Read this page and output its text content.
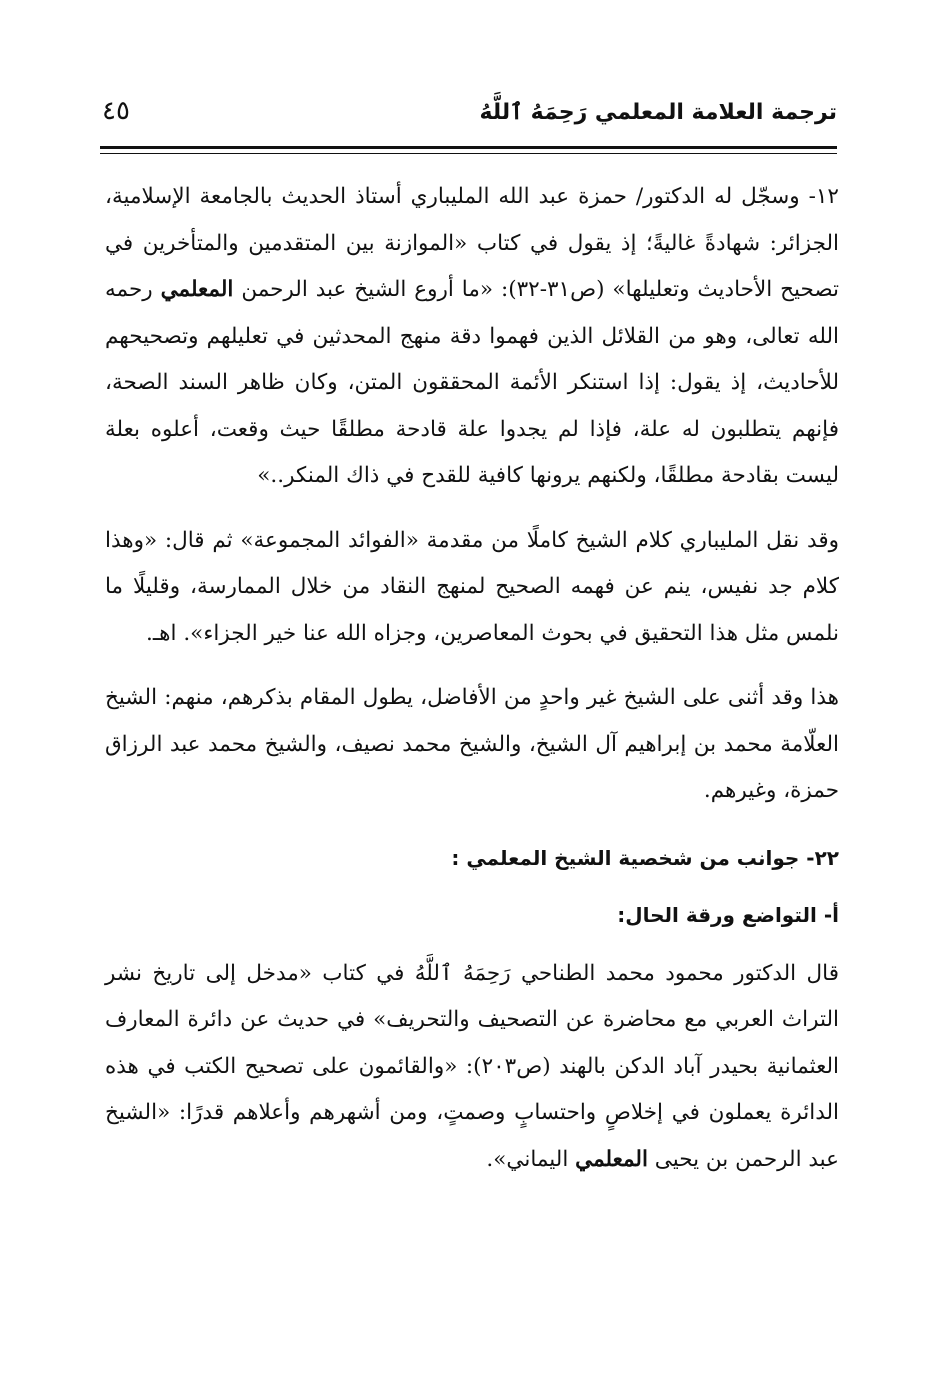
ترجمة العلامة المعلمي رَحِمَهُ ٱللَّهُ
٤٥

١٢- وسجّل له الدكتور/ حمزة عبد الله المليباري أستاذ الحديث بالجامعة الإسلامية، الجزائر: شهادةً غاليةً؛ إذ يقول في كتاب «الموازنة بين المتقدمين والمتأخرين في تصحيح الأحاديث وتعليلها» (ص٣١-٣٢): «ما أروع الشيخ عبد الرحمن المعلمي رحمه الله تعالى، وهو من القلائل الذين فهموا دقة منهج المحدثين في تعليلهم وتصحيحهم للأحاديث، إذ يقول: إذا استنكر الأئمة المحققون المتن، وكان ظاهر السند الصحة، فإنهم يتطلبون له علة، فإذا لم يجدوا علة قادحة مطلقًا حيث وقعت، أعلوه بعلة ليست بقادحة مطلقًا، ولكنهم يرونها كافية للقدح في ذاك المنكر..»

وقد نقل المليباري كلام الشيخ كاملًا من مقدمة «الفوائد المجموعة» ثم قال: «وهذا كلام جد نفيس، ينم عن فهمه الصحيح لمنهج النقاد من خلال الممارسة، وقليلًا ما نلمس مثل هذا التحقيق في بحوث المعاصرين، وجزاه الله عنا خير الجزاء». اهـ.

هذا وقد أثنى على الشيخ غير واحدٍ من الأفاضل، يطول المقام بذكرهم، منهم: الشيخ العلّامة محمد بن إبراهيم آل الشيخ، والشيخ محمد نصيف، والشيخ محمد عبد الرزاق حمزة، وغيرهم.

٢٢- جوانب من شخصية الشيخ المعلمي :
أ- التواضع ورقة الحال:

قال الدكتور محمود محمد الطناحي رَحِمَهُ ٱللَّهُ في كتاب «مدخل إلى تاريخ نشر التراث العربي مع محاضرة عن التصحيف والتحريف» في حديث عن دائرة المعارف العثمانية بحيدر آباد الدكن بالهند (ص٢٠٣): «والقائمون على تصحيح الكتب في هذه الدائرة يعملون في إخلاصٍ واحتسابٍ وصمتٍ، ومن أشهرهم وأعلاهم قدرًا: «الشيخ عبد الرحمن بن يحيى المعلمي اليماني».
